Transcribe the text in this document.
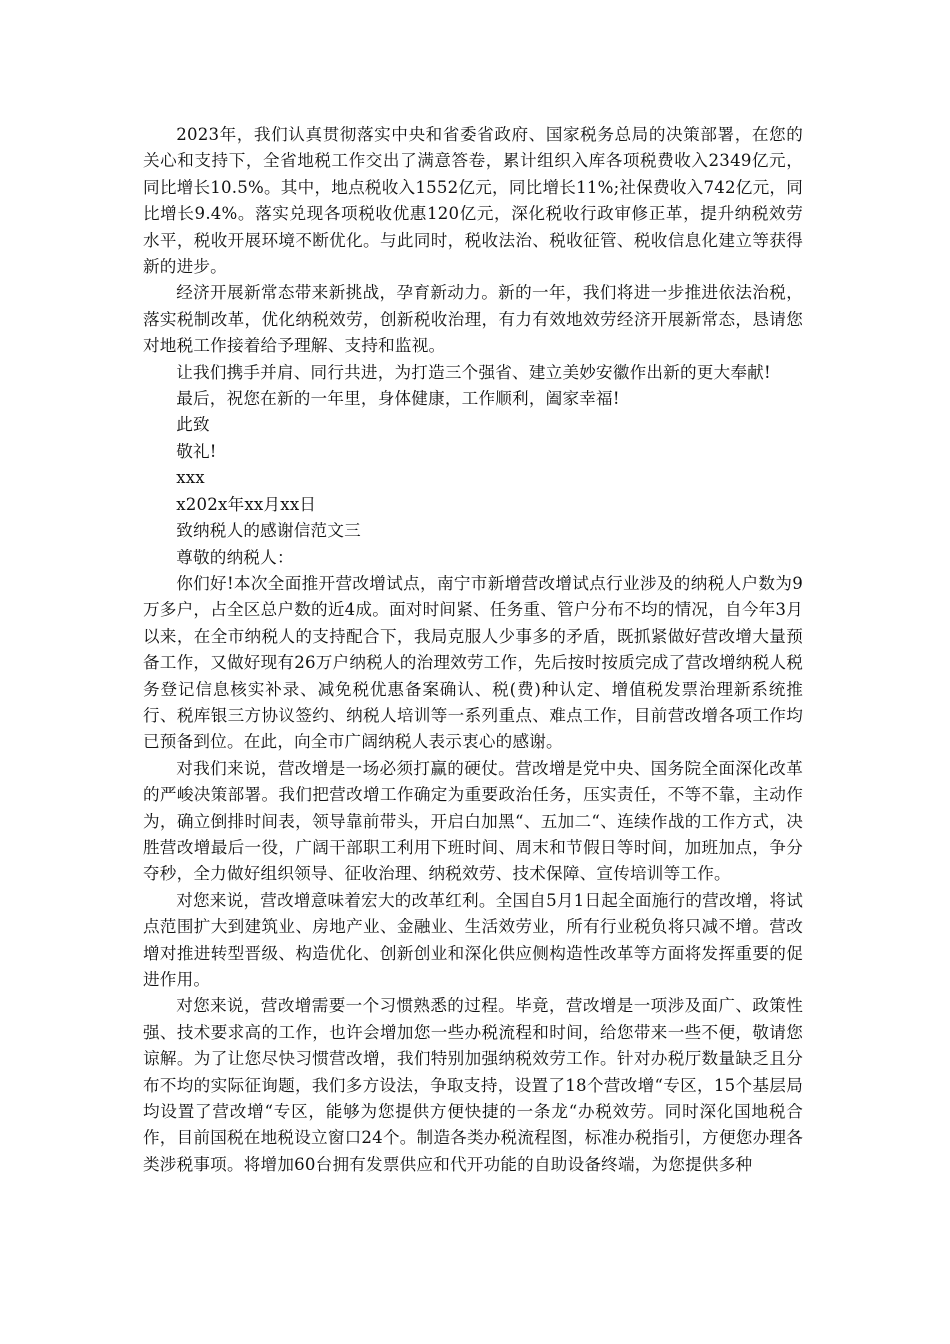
2023年，我们认真贯彻落实中央和省委省政府、国家税务总局的决策部署，在您的关心和支持下，全省地税工作交出了满意答卷，累计组织入库各项税费收入2349亿元，同比增长10.5%。其中，地点税收入1552亿元，同比增长11%;社保费收入742亿元，同比增长9.4%。落实兑现各项税收优惠120亿元，深化税收行政审修正革，提升纳税效劳水平，税收开展环境不断优化。与此同时，税收法治、税收征管、税收信息化建立等获得新的进步。

经济开展新常态带来新挑战，孕育新动力。新的一年，我们将进一步推进依法治税，落实税制改革，优化纳税效劳，创新税收治理，有力有效地效劳经济开展新常态，恳请您对地税工作接着给予理解、支持和监视。

让我们携手并肩、同行共进，为打造三个强省、建立美妙安徽作出新的更大奉献!

最后，祝您在新的一年里，身体健康，工作顺利，阖家幸福!

此致

敬礼!

xxx

x202x年xx月xx日

致纳税人的感谢信范文三

尊敬的纳税人：

你们好!本次全面推开营改增试点，南宁市新增营改增试点行业涉及的纳税人户数为9万多户，占全区总户数的近4成。面对时间紧、任务重、管户分布不均的情况，自今年3月以来，在全市纳税人的支持配合下，我局克服人少事多的矛盾，既抓紧做好营改增大量预备工作，又做好现有26万户纳税人的治理效劳工作，先后按时按质完成了营改增纳税人税务登记信息核实补录、减免税优惠备案确认、税(费)种认定、增值税发票治理新系统推行、税库银三方协议签约、纳税人培训等一系列重点、难点工作，目前营改增各项工作均已预备到位。在此，向全市广阔纳税人表示衷心的感谢。

对我们来说，营改增是一场必须打赢的硬仗。营改增是党中央、国务院全面深化改革的严峻决策部署。我们把营改增工作确定为重要政治任务，压实责任，不等不靠，主动作为，确立倒排时间表，领导靠前带头，开启白加黑“、五加二“、连续作战的工作方式，决胜营改增最后一役，广阔干部职工利用下班时间、周末和节假日等时间，加班加点，争分夺秒，全力做好组织领导、征收治理、纳税效劳、技术保障、宣传培训等工作。

对您来说，营改增意味着宏大的改革红利。全国自5月1日起全面施行的营改增，将试点范围扩大到建筑业、房地产业、金融业、生活效劳业，所有行业税负将只减不增。营改增对推进转型晋级、构造优化、创新创业和深化供应侧构造性改革等方面将发挥重要的促进作用。

对您来说，营改增需要一个习惯熟悉的过程。毕竟，营改增是一项涉及面广、政策性强、技术要求高的工作，也许会增加您一些办税流程和时间，给您带来一些不便，敬请您谅解。为了让您尽快习惯营改增，我们特别加强纳税效劳工作。针对办税厅数量缺乏且分布不均的实际征询题，我们多方设法，争取支持，设置了18个营改增“专区，15个基层局均设置了营改增“专区，能够为您提供方便快捷的一条龙“办税效劳。同时深化国地税合作，目前国税在地税设立窗口24个。制造各类办税流程图，标准办税指引，方便您办理各类涉税事项。将增加60台拥有发票供应和代开功能的自助设备终端，为您提供多种
